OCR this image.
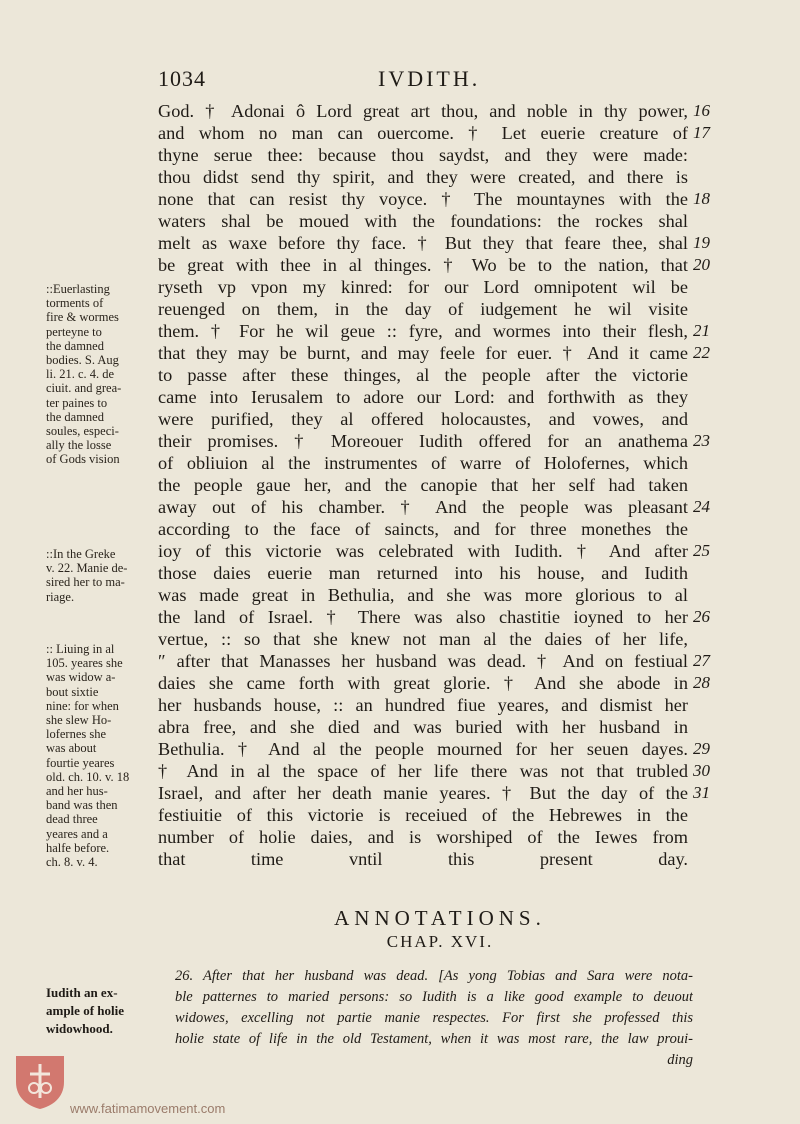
1034	IVDITH.
God. † Adonai ô Lord great art thou, and noble in thy power,
and whom no man can ouercome. † Let euerie creature of
thyne serue thee: because thou saydst, and they were made:
thou didst send thy spirit, and they were created, and there is
none that can resist thy voyce. † The mountaynes with the
waters shal be moued with the foundations: the rockes shal
melt as waxe before thy face. † But they that feare thee, shal
be great with thee in al thinges. † Wo be to the nation, that
ryseth vp vpon my kinred: for our Lord omnipotent wil be
reuenged on them, in the day of iudgement he wil visite
them. † For he wil geue :: fyre, and wormes into their flesh,
that they may be burnt, and may feele for euer. † And it came
to passe after these thinges, al the people after the victorie
came into Ierusalem to adore our Lord: and forthwith as they
were purified, they al offered holocaustes, and vowes, and
their promises. † Moreouer Iudith offered for an anathema
of obliuion al the instrumentes of warre of Holofernes, which
the people gaue her, and the canopie that her self had taken
away out of his chamber. † And the people was pleasant
according to the face of saincts, and for three monethes the
ioy of this victorie was celebrated with Iudith. † And after
those daies euerie man returned into his house, and Iudith
was made great in Bethulia, and she was more glorious to al
the land of Israel. † There was also chastitie ioyned to her
vertue, :: so that she knew not man al the daies of her life,
″ after that Manasses her husband was dead. † And on festiual
daies she came forth with great glorie. † And she abode in
her husbands house, :: an hundred fiue yeares, and dismist her
abra free, and she died and was buried with her husband in
Bethulia. † And al the people mourned for her seuen dayes.
† And in al the space of her life there was not that trubled
Israel, and after her death manie yeares. † But the day of the
festiuitie of this victorie is receiued of the Hebrewes in the
number of holie daies, and is worshiped of the Iewes from
that time vntil this present day.
16
17
18
19
20
21
22
23
24
25
26
27
28
29
30
31
::Euerlasting
torments of
fire & wormes
perteyne to
the damned
bodies. S. Aug
li. 21. c. 4. de
ciuit. and grea-
ter paines to
the damned
soules, especi-
ally the losse
of Gods vision
::In the Greke
v. 22. Manie de-
sired her to ma-
riage.
:: Liuing in al
105. yeares she
was widow a-
bout sixtie
nine: for when
she slew Ho-
lofernes she
was about
fourtie yeares
old. ch. 10. v. 18
and her hus-
band was then
dead three
yeares and a
halfe before.
ch. 8. v. 4.
ANNOTATIONS.
CHAP. XVI.
26. After that her husband was dead. [As yong Tobias and Sara were nota-
ble patternes to maried persons: so Iudith is a like good example to deuout
widowes, excelling not partie manie respectes. For first she professed this
holie state of life in the old Testament, when it was most rare, the law proui-
ding
Iudith an ex-
ample of holie
widowhood.
www.fatimamovement.com
